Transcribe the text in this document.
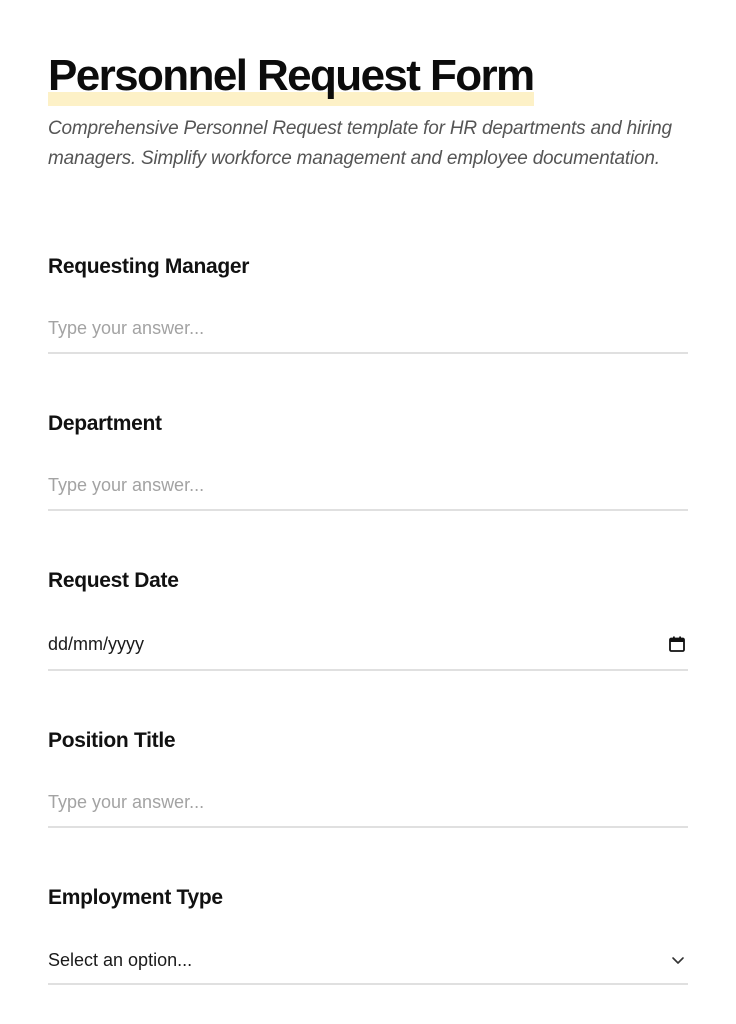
Personnel Request Form

Comprehensive Personnel Request template for HR departments and hiring managers. Simplify workforce management and employee documentation.

Requesting Manager
Type your answer...
Department
Type your answer...
Request Date
dd/mm/yyyy
Position Title
Type your answer...
Employment Type
Select an option...
